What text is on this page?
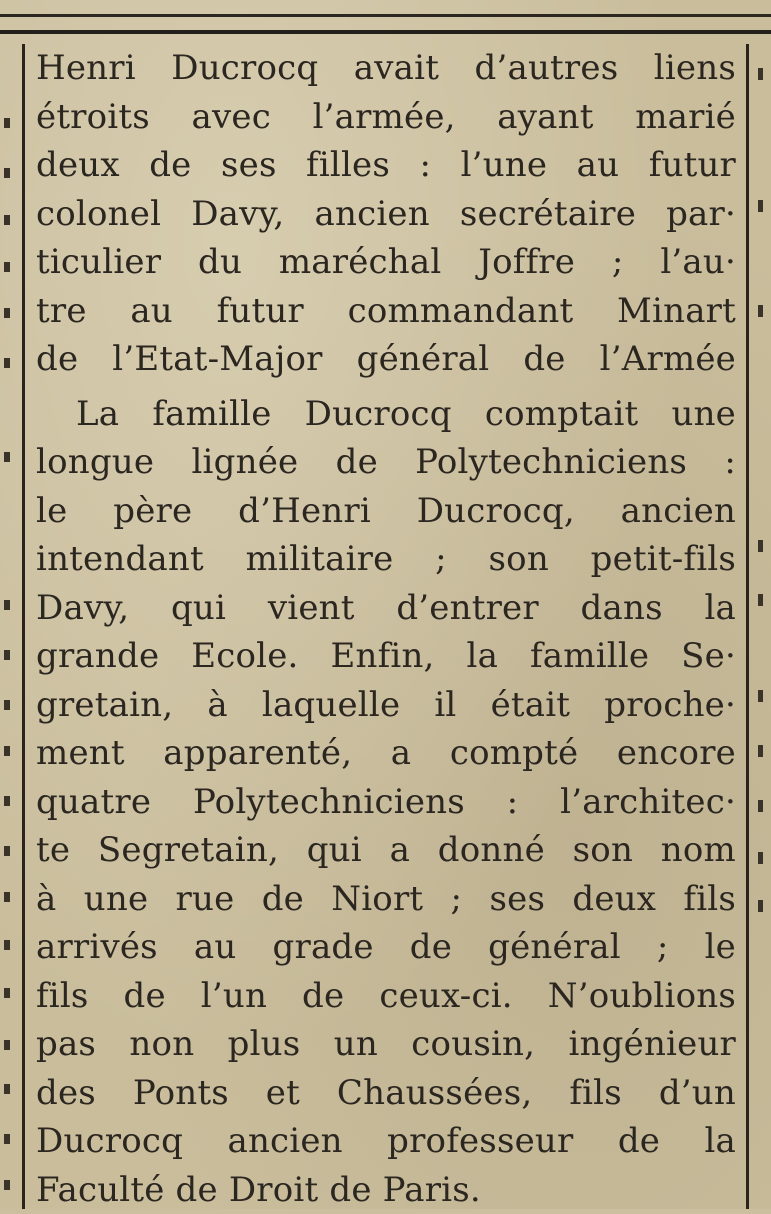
Henri Ducrocq avait d’autres liens
étroits avec l’armée, ayant marié
deux de ses filles : l’une au futur
colonel Davy, ancien secrétaire par·
ticulier du maréchal Joffre ; l’au·
tre au futur commandant Minart
de l’Etat-Major général de l’Armée
La famille Ducrocq comptait une
longue lignée de Polytechniciens :
le père d’Henri Ducrocq, ancien
intendant militaire ; son petit-fils
Davy, qui vient d’entrer dans la
grande Ecole. Enfin, la famille Se·
gretain, à laquelle il était proche·
ment apparenté, a compté encore
quatre Polytechniciens : l’architec·
te Segretain, qui a donné son nom
à une rue de Niort ; ses deux fils
arrivés au grade de général ; le
fils de l’un de ceux-ci. N’oublions
pas non plus un cousin, ingénieur
des Ponts et Chaussées, fils d’un
Ducrocq ancien professeur de la
Faculté de Droit de Paris.
